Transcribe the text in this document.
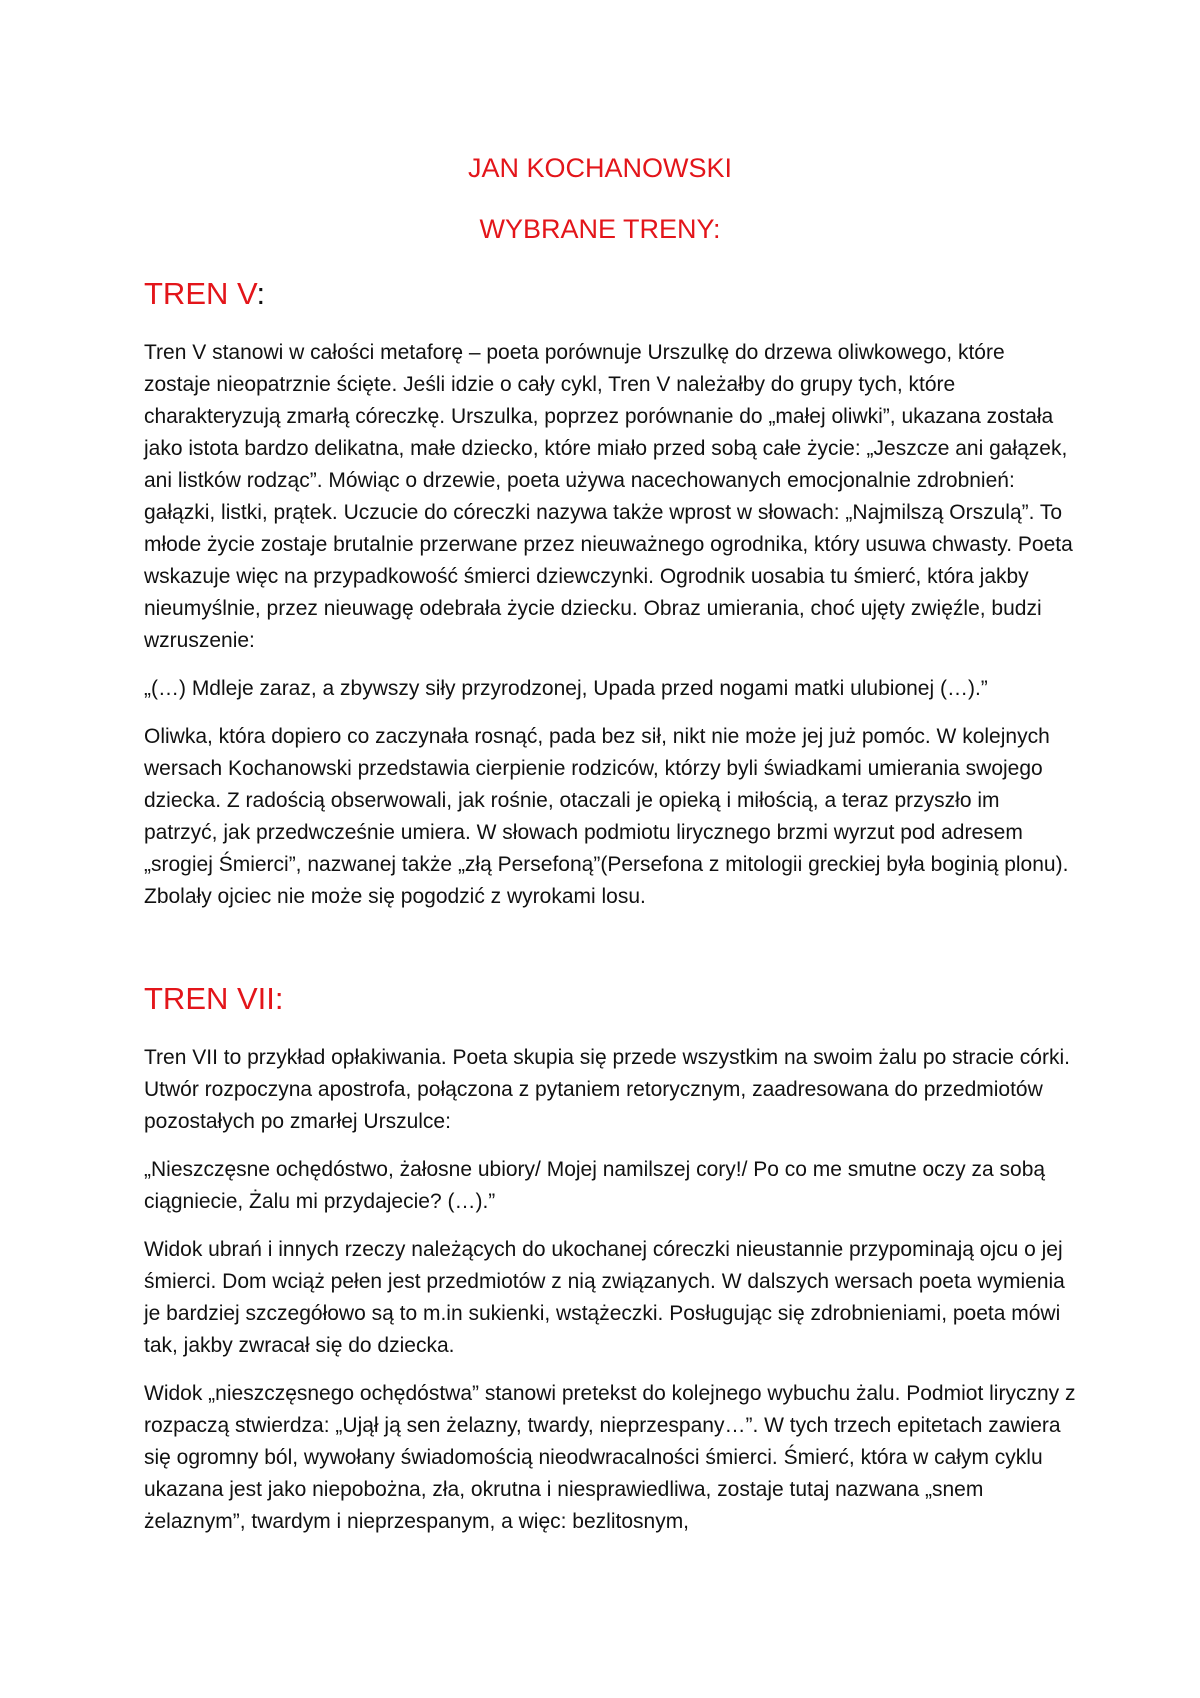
JAN KOCHANOWSKI
WYBRANE TRENY:
TREN V:

Tren V stanowi w całości metaforę – poeta porównuje Urszulkę do drzewa oliwkowego, które zostaje nieopatrznie ścięte. Jeśli idzie o cały cykl, Tren V należałby do grupy tych, które charakteryzują zmarłą córeczkę. Urszulka, poprzez porównanie do „małej oliwki”, ukazana została jako istota bardzo delikatna, małe dziecko, które miało przed sobą całe życie: „Jeszcze ani gałązek, ani listków rodząc”. Mówiąc o drzewie, poeta używa nacechowanych emocjonalnie zdrobnień: gałązki, listki, prątek. Uczucie do córeczki nazywa także wprost w słowach: „Najmilszą Orszulą”. To młode życie zostaje brutalnie przerwane przez nieuważnego ogrodnika, który usuwa chwasty. Poeta wskazuje więc na przypadkowość śmierci dziewczynki. Ogrodnik uosabia tu śmierć, która jakby nieumyślnie, przez nieuwagę odebrała życie dziecku. Obraz umierania, choć ujęty zwięźle, budzi wzruszenie:

„(…) Mdleje zaraz, a zbywszy siły przyrodzonej, Upada przed nogami matki ulubionej (…).”

Oliwka, która dopiero co zaczynała rosnąć, pada bez sił, nikt nie może jej już pomóc. W kolejnych wersach Kochanowski przedstawia cierpienie rodziców, którzy byli świadkami umierania swojego dziecka. Z radością obserwowali, jak rośnie, otaczali je opieką i miłością, a teraz przyszło im patrzyć, jak przedwcześnie umiera. W słowach podmiotu lirycznego brzmi wyrzut pod adresem „srogiej Śmierci”, nazwanej także „złą Persefoną”(Persefona z mitologii greckiej była boginią plonu). Zbolały ojciec nie może się pogodzić z wyrokami losu.

TREN VII:

Tren VII to przykład opłakiwania. Poeta skupia się przede wszystkim na swoim żalu po stracie córki. Utwór rozpoczyna apostrofa, połączona z pytaniem retorycznym, zaadresowana do przedmiotów pozostałych po zmarłej Urszulce:

„Nieszczęsne ochędóstwo, żałosne ubiory/ Mojej namilszej cory!/ Po co me smutne oczy za sobą ciągniecie, Żalu mi przydajecie? (…).”

Widok ubrań i innych rzeczy należących do ukochanej córeczki nieustannie przypominają ojcu o jej śmierci. Dom wciąż pełen jest przedmiotów z nią związanych. W dalszych wersach poeta wymienia je bardziej szczegółowo są to m.in sukienki, wstążeczki. Posługując się zdrobnieniami, poeta mówi tak, jakby zwracał się do dziecka.

Widok „nieszczęsnego ochędóstwa” stanowi pretekst do kolejnego wybuchu żalu. Podmiot liryczny z rozpaczą stwierdza: „Ujął ją sen żelazny, twardy, nieprzespany…”. W tych trzech epitetach zawiera się ogromny ból, wywołany świadomością nieodwracalności śmierci. Śmierć, która w całym cyklu ukazana jest jako niepobożna, zła, okrutna i niesprawiedliwa, zostaje tutaj nazwana „snem żelaznym”, twardym i nieprzespanym, a więc: bezlitosnym,
